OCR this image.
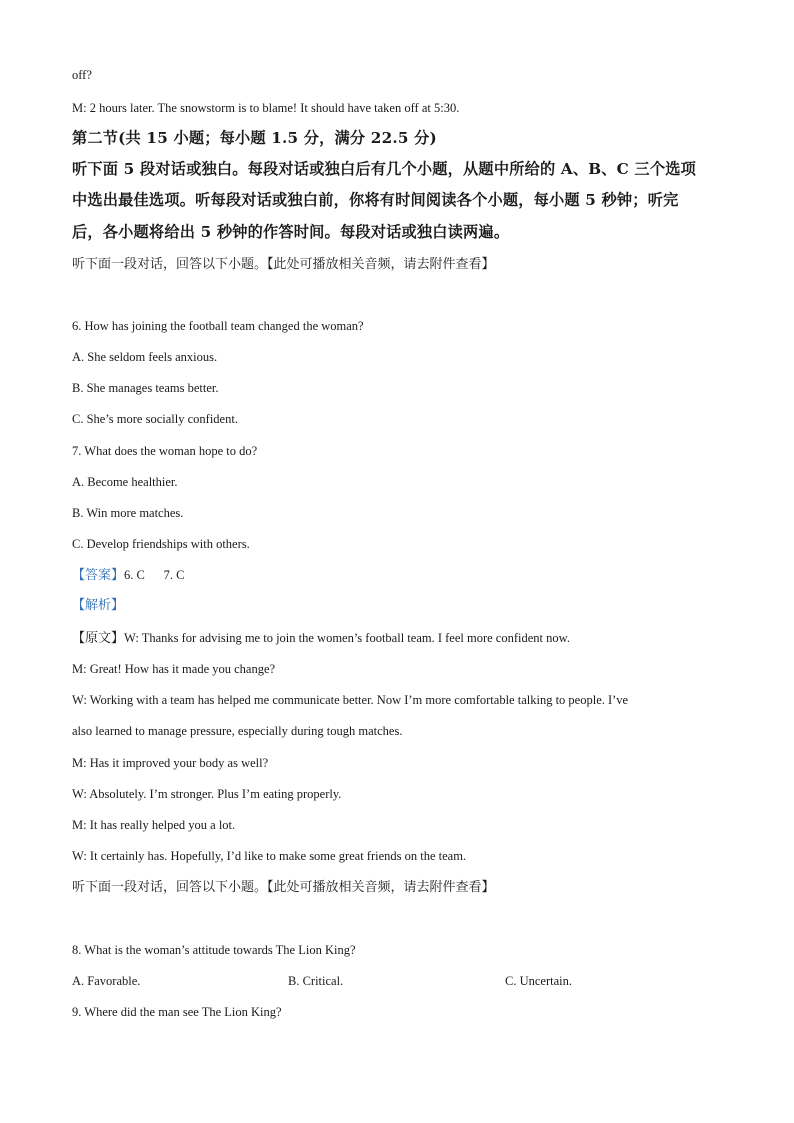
off?
M: 2 hours later. The snowstorm is to blame! It should have taken off at 5:30.
第二节(共 15 小题；每小题 1.5 分，满分 22.5 分)
听下面 5 段对话或独白。每段对话或独白后有几个小题，从题中所给的 A、B、C 三个选项
中选出最佳选项。听每段对话或独白前，你将有时间阅读各个小题，每小题 5 秒钟；听完
后，各小题将给出 5 秒钟的作答时间。每段对话或独白读两遍。
听下面一段对话，回答以下小题。【此处可播放相关音频，请去附件查看】
6. How has joining the football team changed the woman?
A. She seldom feels anxious.
B. She manages teams better.
C. She’s more socially confident.
7. What does the woman hope to do?
A. Become healthier.
B. Win more matches.
C. Develop friendships with others.
【答案】6. C      7. C
【解析】
【原文】W: Thanks for advising me to join the women’s football team. I feel more confident now.
M: Great! How has it made you change?
W: Working with a team has helped me communicate better. Now I’m more comfortable talking to people. I’ve
also learned to manage pressure, especially during tough matches.
M: Has it improved your body as well?
W: Absolutely. I’m stronger. Plus I’m eating properly.
M: It has really helped you a lot.
W: It certainly has. Hopefully, I’d like to make some great friends on the team.
听下面一段对话，回答以下小题。【此处可播放相关音频，请去附件查看】
8. What is the woman’s attitude towards The Lion King?
A. Favorable.	B. Critical.	C. Uncertain.
9. Where did the man see The Lion King?
